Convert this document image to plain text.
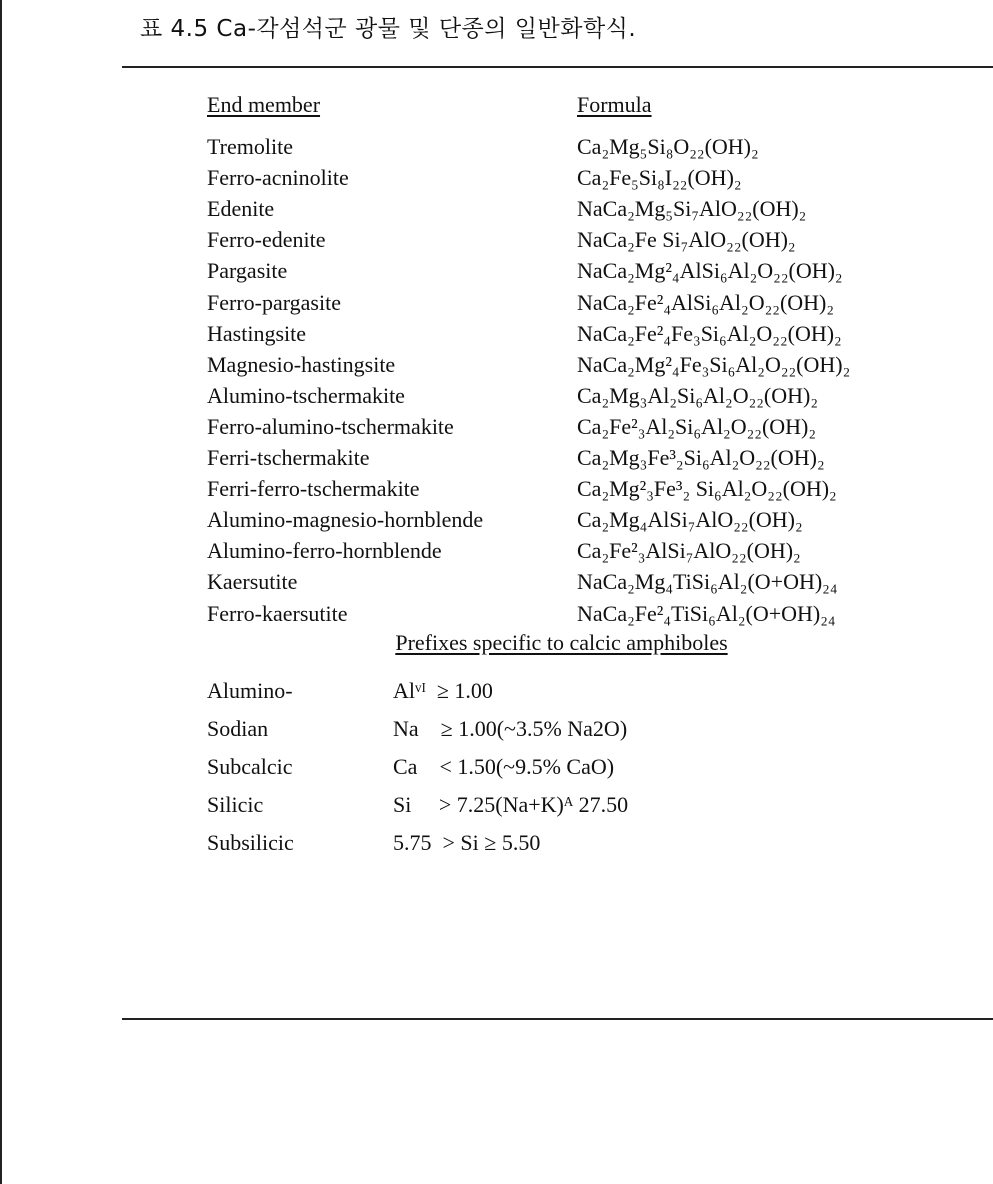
표 4.5 Ca-각섬석군 광물 및 단종의 일반화학식.
End member	Formula
Tremolite	Ca₂Mg₅Si₈O₂₂(OH)₂
Ferro-acninolite	Ca₂Fe₅Si₈I₂₂(OH)₂
Edenite	NaCa₂Mg₅Si₇AlO₂₂(OH)₂
Ferro-edenite	NaCa₂Fe Si₇AlO₂₂(OH)₂
Pargasite	NaCa₂Mg²₄AlSi₆Al₂O₂₂(OH)₂
Ferro-pargasite	NaCa₂Fe²₄AlSi₆Al₂O₂₂(OH)₂
Hastingsite	NaCa₂Fe²₄Fe₃Si₆Al₂O₂₂(OH)₂
Magnesio-hastingsite	NaCa₂Mg²₄Fe₃Si₆Al₂O₂₂(OH)₂
Alumino-tschermakite	Ca₂Mg₃Al₂Si₆Al₂O₂₂(OH)₂
Ferro-alumino-tschermakite	Ca₂Fe²₃Al₂Si₆Al₂O₂₂(OH)₂
Ferri-tschermakite	Ca₂Mg₃Fe³₂Si₆Al₂O₂₂(OH)₂
Ferri-ferro-tschermakite	Ca₂Mg²₃Fe³₂ Si₆Al₂O₂₂(OH)₂
Alumino-magnesio-hornblende	Ca₂Mg₄AlSi₇AlO₂₂(OH)₂
Alumino-ferro-hornblende	Ca₂Fe²₃AlSi₇AlO₂₂(OH)₂
Kaersutite	NaCa₂Mg₄TiSi₆Al₂(O+OH)₂₄
Ferro-kaersutite	NaCa₂Fe²₄TiSi₆Al₂(O+OH)₂₄
Prefixes specific to calcic amphiboles
Alumino-	Alᵛᴵ  ≥ 1.00
Sodian	Na    ≥ 1.00(~3.5% Na2O)
Subcalcic	Ca    < 1.50(~9.5% CaO)
Silicic	Si     > 7.25(Na+K)ᴬ 27.50
Subsilicic	5.75  > Si ≥ 5.50
